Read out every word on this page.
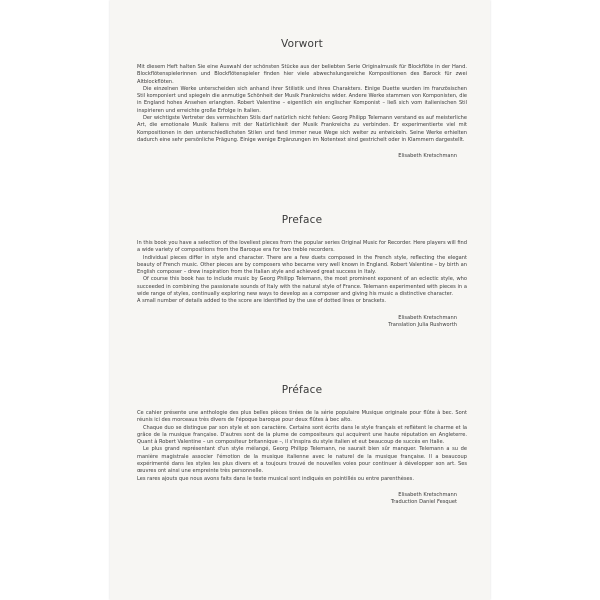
Vorwort

Mit diesem Heft halten Sie eine Auswahl der schönsten Stücke aus der beliebten Serie Originalmusik für Blockflöte in der Hand. Blockflötenspielerinnen und Blockflötenspieler finden hier viele abwechslungsreiche Kompositionen des Barock für zwei Altblockflöten.

Die einzelnen Werke unterscheiden sich anhand ihrer Stilistik und ihres Charakters. Einige Duette wurden im französischen Stil komponiert und spiegeln die anmutige Schönheit der Musik Frankreichs wider. Andere Werke stammen von Komponisten, die in England hohes Ansehen erlangten. Robert Valentine – eigentlich ein englischer Komponist – ließ sich vom italienischen Stil inspirieren und erreichte große Erfolge in Italien.

Der wichtigste Vertreter des vermischten Stils darf natürlich nicht fehlen: Georg Philipp Telemann verstand es auf meisterliche Art, die emotionale Musik Italiens mit der Natürlichkeit der Musik Frankreichs zu verbinden. Er experimentierte viel mit Kompositionen in den unterschiedlichsten Stilen und fand immer neue Wege sich weiter zu entwickeln. Seine Werke erhielten dadurch eine sehr persönliche Prägung. Einige wenige Ergänzungen im Notentext sind gestrichelt oder in Klammern dargestellt.

Elisabeth Kretschmann

Preface

In this book you have a selection of the loveliest pieces from the popular series Original Music for Recorder. Here players will find a wide variety of compositions from the Baroque era for two treble recorders.

Individual pieces differ in style and character. There are a few duets composed in the French style, reflecting the elegant beauty of French music. Other pieces are by composers who became very well known in England. Robert Valentine – by birth an English composer – drew inspiration from the Italian style and achieved great success in Italy.

Of course this book has to include music by Georg Philipp Telemann, the most prominent exponent of an eclectic style, who succeeded in combining the passionate sounds of Italy with the natural style of France. Telemann experimented with pieces in a wide range of styles, continually exploring new ways to develop as a composer and giving his music a distinctive character.

A small number of details added to the score are identified by the use of dotted lines or brackets.

Elisabeth Kretschmann

Translation Julia Rushworth

Préface

Ce cahier présente une anthologie des plus belles pièces tirées de la série populaire Musique originale pour flûte à bec. Sont réunis ici des morceaux très divers de l'époque baroque pour deux flûtes à bec alto.

Chaque duo se distingue par son style et son caractère. Certains sont écrits dans le style français et reflètent le charme et la grâce de la musique française. D'autres sont de la plume de compositeurs qui acquirent une haute réputation en Angleterre. Quant à Robert Valentine – un compositeur britannique –, il s'inspira du style italien et eut beaucoup de succès en Italie.

Le plus grand représentant d'un style mélangé, Georg Philipp Telemann, ne saurait bien sûr manquer. Telemann a su de manière magistrale associer l'émotion de la musique italienne avec le naturel de la musique française. Il a beaucoup expérimenté dans les styles les plus divers et a toujours trouvé de nouvelles voies pour continuer à développer son art. Ses œuvres ont ainsi une empreinte très personnelle.

Les rares ajouts que nous avons faits dans le texte musical sont indiqués en pointillés ou entre parenthèses.

Elisabeth Kretschmann

Traduction Daniel Fesquet
